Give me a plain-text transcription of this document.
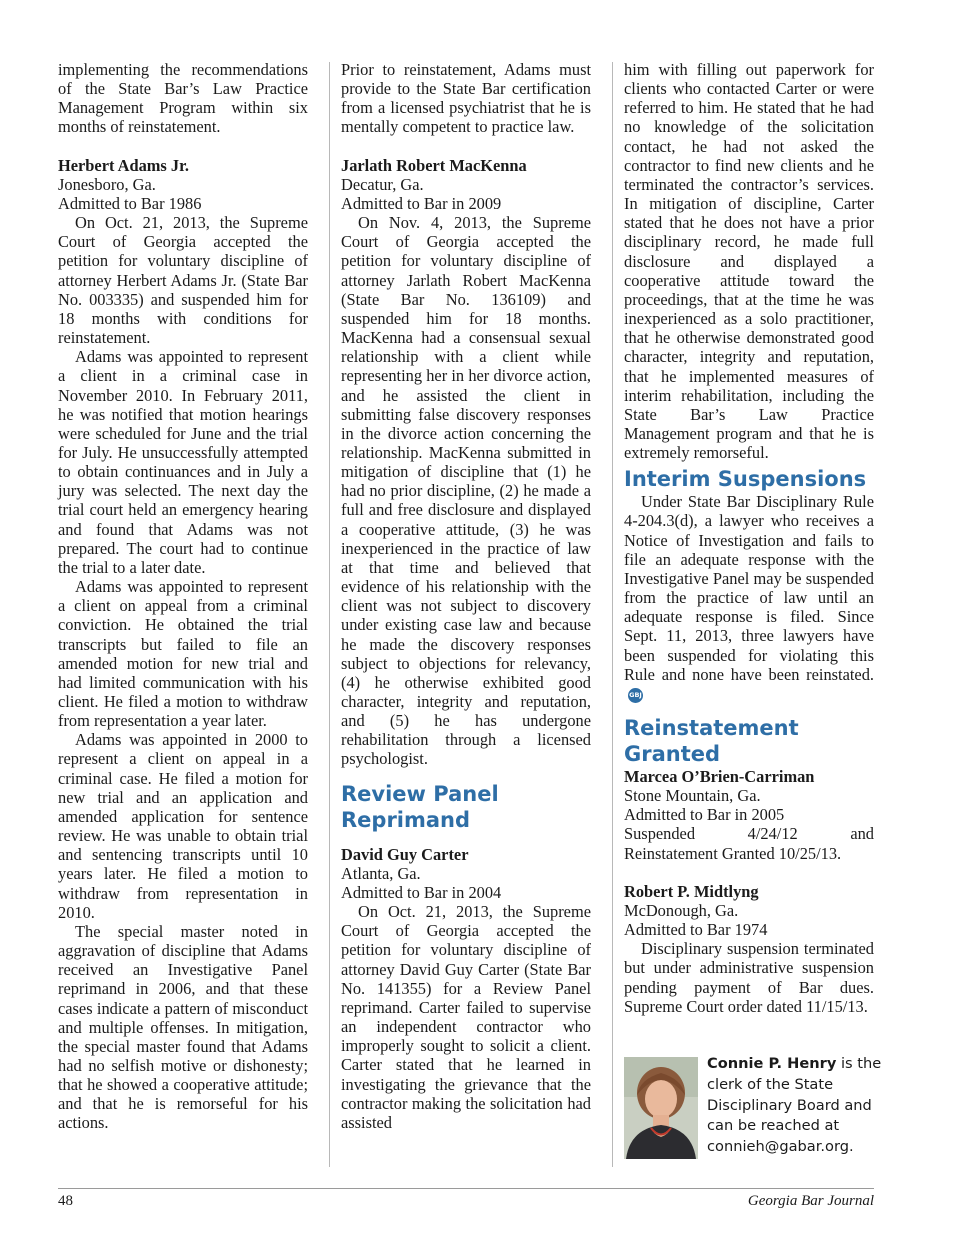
implementing the recommendations of the State Bar’s Law Practice Management Program within six months of reinstatement.

Herbert Adams Jr.

Jonesboro, Ga.

Admitted to Bar 1986

On Oct. 21, 2013, the Supreme Court of Georgia accepted the petition for voluntary discipline of attorney Herbert Adams Jr. (State Bar No. 003335) and suspended him for 18 months with conditions for reinstatement.

Adams was appointed to represent a client in a criminal case in November 2010. In February 2011, he was notified that motion hearings were scheduled for June and the trial for July. He unsuccessfully attempted to obtain continuances and in July a jury was selected. The next day the trial court held an emergency hearing and found that Adams was not prepared. The court had to continue the trial to a later date.

Adams was appointed to represent a client on appeal from a criminal conviction. He obtained the trial transcripts but failed to file an amended motion for new trial and had limited communication with his client. He filed a motion to withdraw from representation a year later.

Adams was appointed in 2000 to represent a client on appeal in a criminal case. He filed a motion for new trial and an application and amended application for sentence review. He was unable to obtain trial and sentencing transcripts until 10 years later. He filed a motion to withdraw from representation in 2010.

The special master noted in aggravation of discipline that Adams received an Investigative Panel reprimand in 2006, and that these cases indicate a pattern of misconduct and multiple offenses. In mitigation, the special master found that Adams had no selfish motive or dishonesty; that he showed a cooperative attitude; and that he is remorseful for his actions.

Prior to reinstatement, Adams must provide to the State Bar certification from a licensed psychiatrist that he is mentally competent to practice law.

Jarlath Robert MacKenna

Decatur, Ga.

Admitted to Bar in 2009

On Nov. 4, 2013, the Supreme Court of Georgia accepted the petition for voluntary discipline of attorney Jarlath Robert MacKenna (State Bar No. 136109) and suspended him for 18 months. MacKenna had a consensual sexual relationship with a client while representing her in her divorce action, and he assisted the client in submitting false discovery responses in the divorce action concerning the relationship. MacKenna submitted in mitigation of discipline that (1) he had no prior discipline, (2) he made a full and free disclosure and displayed a cooperative attitude, (3) he was inexperienced in the practice of law at that time and believed that evidence of his relationship with the client was not subject to discovery under existing case law and because he made the discovery responses subject to objections for relevancy, (4) he otherwise exhibited good character, integrity and reputation, and (5) he has undergone rehabilitation through a licensed psychologist.

Review Panel Reprimand

David Guy Carter

Atlanta, Ga.

Admitted to Bar in 2004

On Oct. 21, 2013, the Supreme Court of Georgia accepted the petition for voluntary discipline of attorney David Guy Carter (State Bar No. 141355) for a Review Panel reprimand. Carter failed to supervise an independent contractor who improperly sought to solicit a client. Carter stated that he learned in investigating the grievance that the contractor making the solicitation had assisted

him with filling out paperwork for clients who contacted Carter or were referred to him. He stated that he had no knowledge of the solicitation contact, he had not asked the contractor to find new clients and he terminated the contractor’s services. In mitigation of discipline, Carter stated that he does not have a prior disciplinary record, he made full disclosure and displayed a cooperative attitude toward the proceedings, that at the time he was inexperienced as a solo practitioner, that he otherwise demonstrated good character, integrity and reputation, that he implemented measures of interim rehabilitation, including the State Bar’s Law Practice Management program and that he is extremely remorseful.

Interim Suspensions

Under State Bar Disciplinary Rule 4-204.3(d), a lawyer who receives a Notice of Investigation and fails to file an adequate response with the Investigative Panel may be suspended from the practice of law until an adequate response is filed. Since Sept. 11, 2013, three lawyers have been suspended for violating this Rule and none have been reinstated.GBJ

Reinstatement Granted

Marcea O’Brien-Carriman

Stone Mountain, Ga.

Admitted to Bar in 2005

Suspended 4/24/12 and Reinstatement Granted 10/25/13.

Robert P. Midtlyng

McDonough, Ga.

Admitted to Bar 1974

Disciplinary suspension terminated but under administrative suspension pending payment of Bar dues. Supreme Court order dated 11/15/13.

Connie P. Henry is the clerk of the State Disciplinary Board and can be reached at connieh@gabar.org.
48	Georgia Bar Journal
